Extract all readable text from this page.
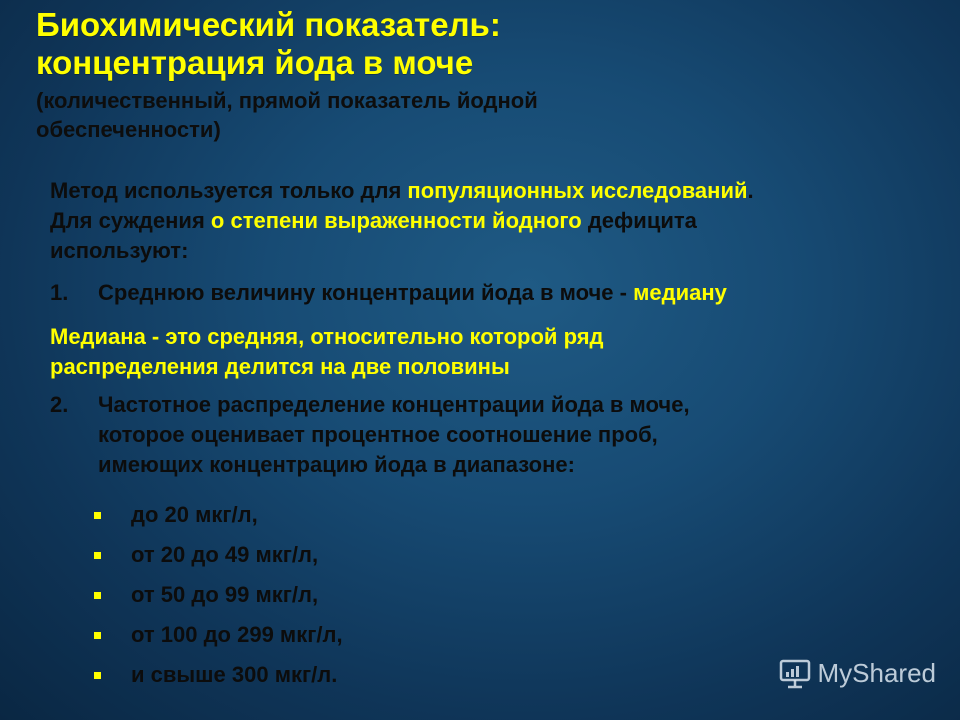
Биохимический показатель:
концентрация йода в моче
(количественный, прямой показатель йодной
обеспеченности)
Метод используется только для популяционных исследований.
Для суждения о степени выраженности йодного дефицита
используют:
1.	Среднюю величину концентрации йода в моче - медиану
Медиана - это средняя, относительно которой ряд
распределения делится на две половины
2.	Частотное распределение концентрации йода в моче,
которое оценивает процентное соотношение проб,
имеющих концентрацию йода в диапазоне:
до 20 мкг/л,
от 20 до 49 мкг/л,
от 50 до 99 мкг/л,
от 100 до 299 мкг/л,
и свыше 300 мкг/л.	MyShared
